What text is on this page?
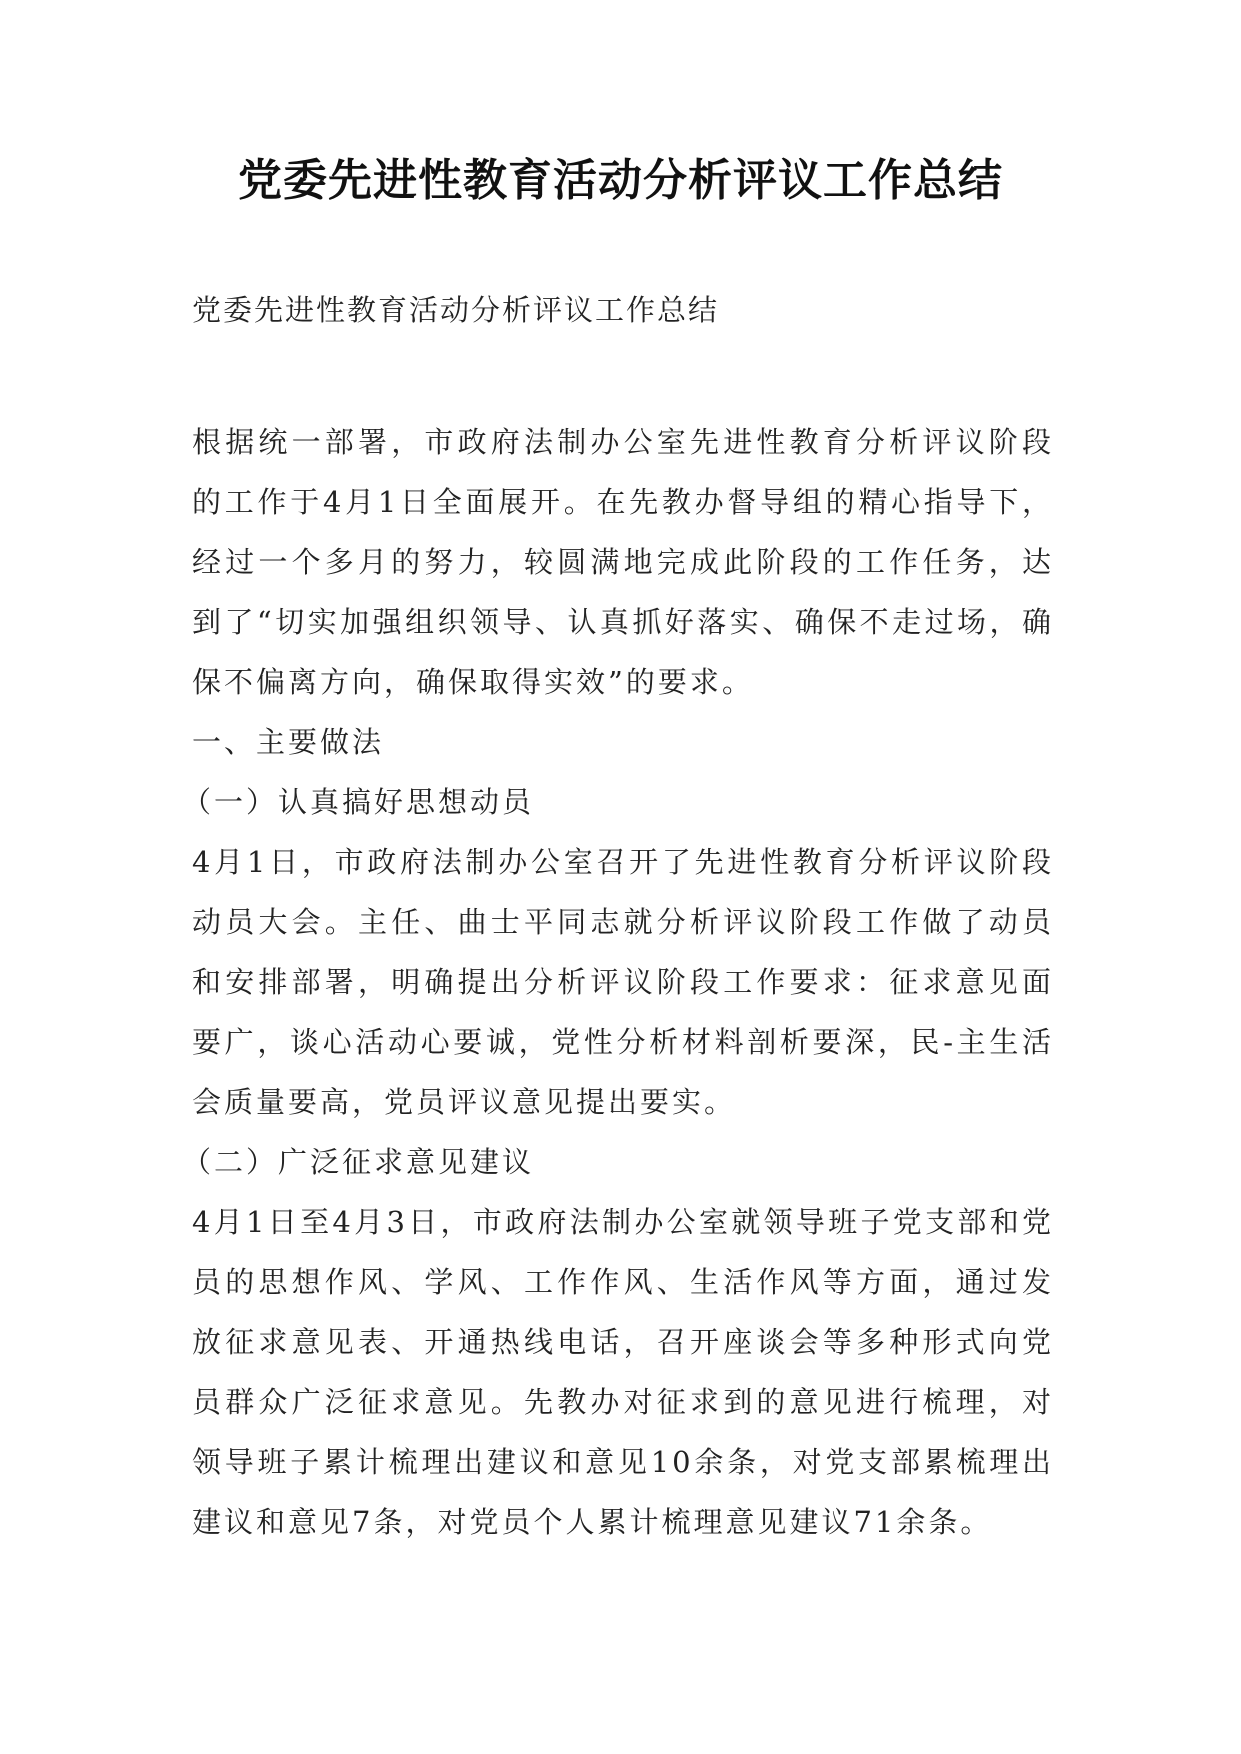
党委先进性教育活动分析评议工作总结

党委先进性教育活动分析评议工作总结

根据统一部署，市政府法制办公室先进性教育分析评议阶段的工作于4月1日全面展开。在先教办督导组的精心指导下，经过一个多月的努力，较圆满地完成此阶段的工作任务，达到了“切实加强组织领导、认真抓好落实、确保不走过场，确保不偏离方向，确保取得实效”的要求。

一、主要做法

（一）认真搞好思想动员

4月1日，市政府法制办公室召开了先进性教育分析评议阶段动员大会。主任、曲士平同志就分析评议阶段工作做了动员和安排部署，明确提出分析评议阶段工作要求：征求意见面要广，谈心活动心要诚，党性分析材料剖析要深，民-主生活会质量要高，党员评议意见提出要实。

（二）广泛征求意见建议

4月1日至4月3日，市政府法制办公室就领导班子党支部和党员的思想作风、学风、工作作风、生活作风等方面，通过发放征求意见表、开通热线电话，召开座谈会等多种形式向党员群众广泛征求意见。先教办对征求到的意见进行梳理，对领导班子累计梳理出建议和意见10余条，对党支部累梳理出建议和意见7条，对党员个人累计梳理意见建议71余条。
